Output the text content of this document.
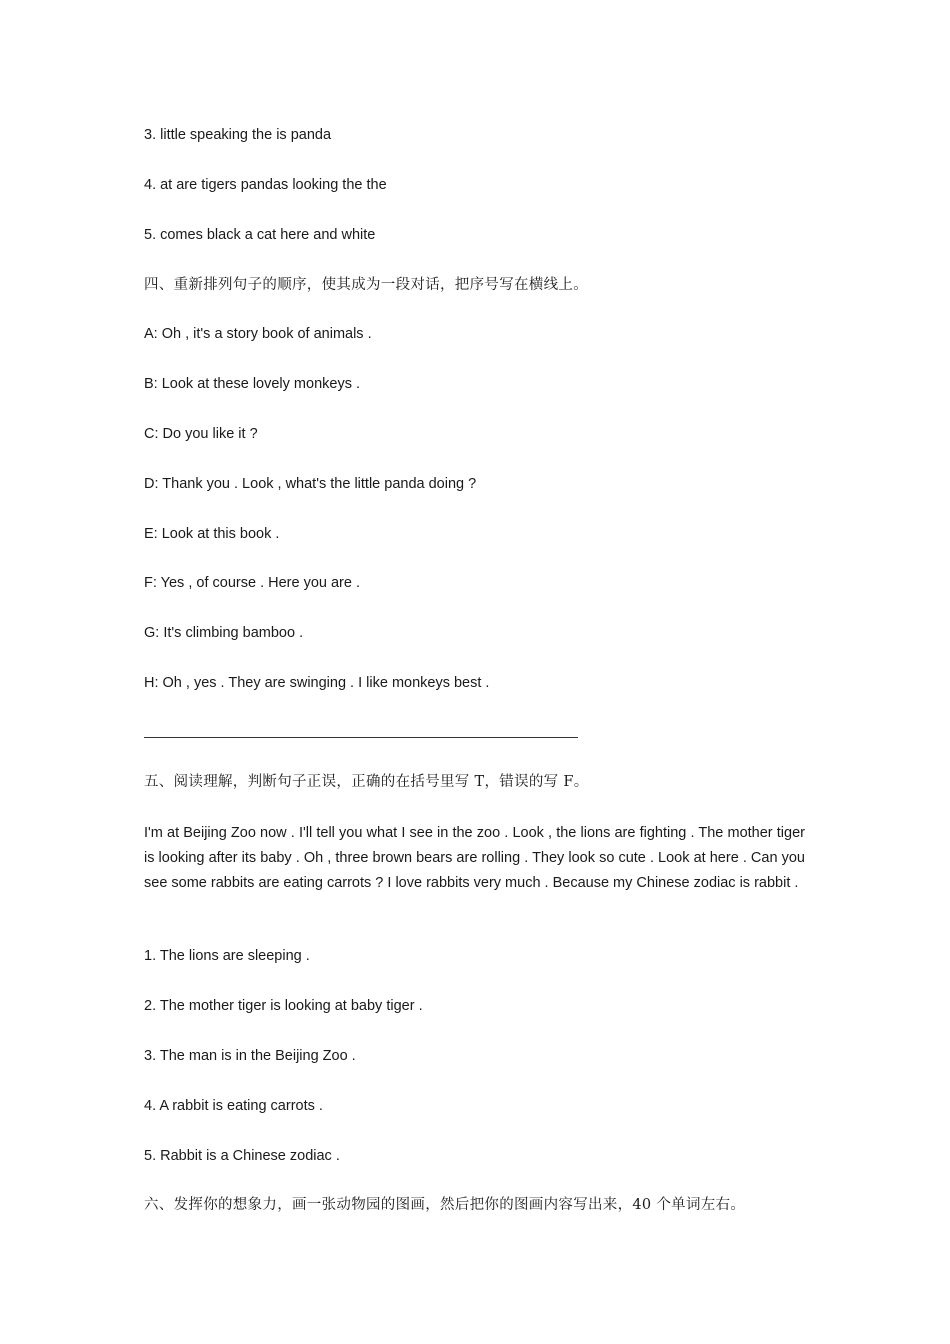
3. little speaking the is panda
4. at are tigers pandas looking the the
5. comes black a cat here and white
四、重新排列句子的顺序，使其成为一段对话，把序号写在横线上。
A: Oh , it's a story book of animals .
B: Look at these lovely monkeys .
C: Do you like it ?
D: Thank you . Look , what's the little panda doing ?
E: Look at this book .
F: Yes , of course . Here you are .
G: It's climbing bamboo .
H: Oh , yes . They are swinging . I like monkeys best .
五、阅读理解，判断句子正误，正确的在括号里写 T，错误的写 F。
I'm at Beijing Zoo now . I'll tell you what I see in the zoo . Look , the lions are fighting . The mother tiger is looking after its baby . Oh , three brown bears are rolling . They look so cute . Look at here . Can you see some rabbits are eating carrots ? I love rabbits very much . Because my Chinese zodiac is rabbit .
1. The lions are sleeping .
2. The mother tiger is looking at baby tiger .
3. The man is in the Beijing Zoo .
4. A rabbit is eating carrots .
5. Rabbit is a Chinese zodiac .
六、发挥你的想象力，画一张动物园的图画，然后把你的图画内容写出来，40 个单词左右。
